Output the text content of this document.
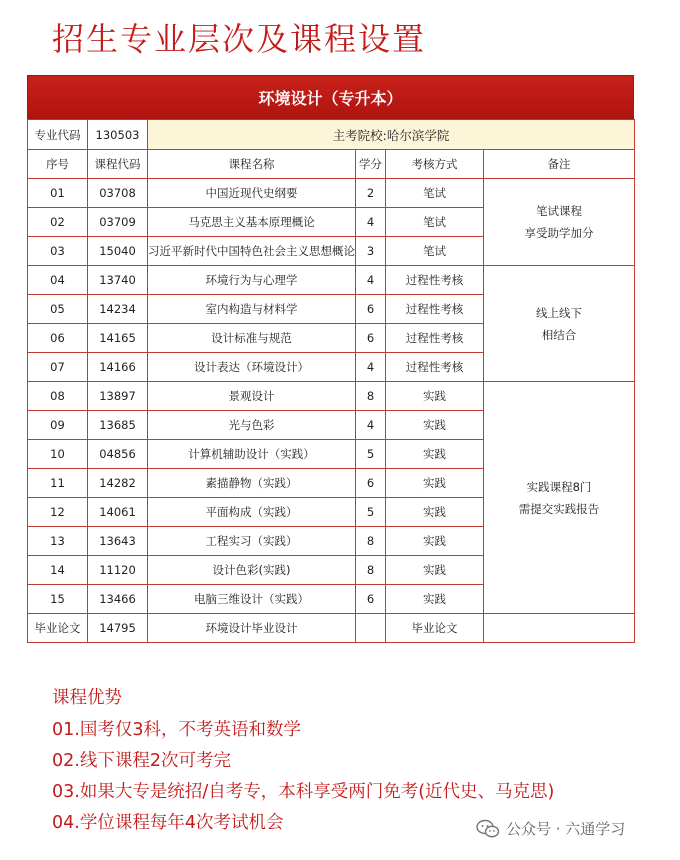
招生专业层次及课程设置
环境设计（专升本）
专业代码	130503	主考院校:哈尔滨学院			
序号	课程代码	课程名称	学分	考核方式	备注
01	03708	中国近现代史纲要	2	笔试	笔试课程
享受助学加分

02	03709	马克思主义基本原理概论	4	笔试	
03	15040	习近平新时代中国特色社会主义思想概论	3	笔试	
04	13740	环境行为与心理学	4	过程性考核	线上线下
相结合

05	14234	室内构造与材料学	6	过程性考核	
06	14165	设计标准与规范	6	过程性考核	
07	14166	设计表达（环境设计）	4	过程性考核	
08	13897	景观设计	8	实践	实践课程8门
需提交实践报告

09	13685	光与色彩	4	实践	
10	04856	计算机辅助设计（实践）	5	实践	
11	14282	素描静物（实践）	6	实践	
12	14061	平面构成（实践）	5	实践	
13	13643	工程实习（实践）	8	实践	
14	11120	设计色彩(实践)	8	实践	
15	13466	电脑三维设计（实践）	6	实践	
毕业论文	14795	环境设计毕业设计		毕业论文	

课程优势

01.国考仅3科，不考英语和数学

02.线下课程2次可考完

03.如果大专是统招/自考专，本科享受两门免考(近代史、马克思)

04.学位课程每年4次考试机会	公众号 · 六通学习
